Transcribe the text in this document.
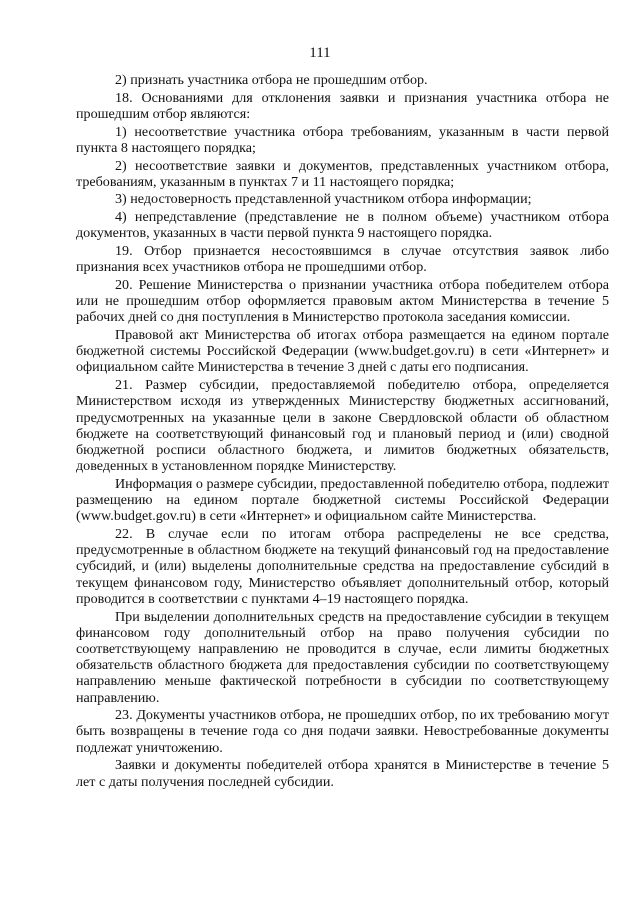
111

2) признать участника отбора не прошедшим отбор.

18. Основаниями для отклонения заявки и признания участника отбора не прошедшим отбор являются:

1) несоответствие участника отбора требованиям, указанным в части первой пункта 8 настоящего порядка;

2) несоответствие заявки и документов, представленных участником отбора, требованиям, указанным в пунктах 7 и 11 настоящего порядка;

3) недостоверность представленной участником отбора информации;

4) непредставление (представление не в полном объеме) участником отбора документов, указанных в части первой пункта 9 настоящего порядка.

19. Отбор признается несостоявшимся в случае отсутствия заявок либо признания всех участников отбора не прошедшими отбор.

20. Решение Министерства о признании участника отбора победителем отбора или не прошедшим отбор оформляется правовым актом Министерства в течение 5 рабочих дней со дня поступления в Министерство протокола заседания комиссии.

Правовой акт Министерства об итогах отбора размещается на едином портале бюджетной системы Российской Федерации (www.budget.gov.ru) в сети «Интернет» и официальном сайте Министерства в течение 3 дней с даты его подписания.

21. Размер субсидии, предоставляемой победителю отбора, определяется Министерством исходя из утвержденных Министерству бюджетных ассигнований, предусмотренных на указанные цели в законе Свердловской области об областном бюджете на соответствующий финансовый год и плановый период и (или) сводной бюджетной росписи областного бюджета, и лимитов бюджетных обязательств, доведенных в установленном порядке Министерству.

Информация о размере субсидии, предоставленной победителю отбора, подлежит размещению на едином портале бюджетной системы Российской Федерации (www.budget.gov.ru) в сети «Интернет» и официальном сайте Министерства.

22. В случае если по итогам отбора распределены не все средства, предусмотренные в областном бюджете на текущий финансовый год на предоставление субсидий, и (или) выделены дополнительные средства на предоставление субсидий в текущем финансовом году, Министерство объявляет дополнительный отбор, который проводится в соответствии с пунктами 4–19 настоящего порядка.

При выделении дополнительных средств на предоставление субсидии в текущем финансовом году дополнительный отбор на право получения субсидии по соответствующему направлению не проводится в случае, если лимиты бюджетных обязательств областного бюджета для предоставления субсидии по соответствующему направлению меньше фактической потребности в субсидии по соответствующему направлению.

23. Документы участников отбора, не прошедших отбор, по их требованию могут быть возвращены в течение года со дня подачи заявки. Невостребованные документы подлежат уничтожению.

Заявки и документы победителей отбора хранятся в Министерстве в течение 5 лет с даты получения последней субсидии.
